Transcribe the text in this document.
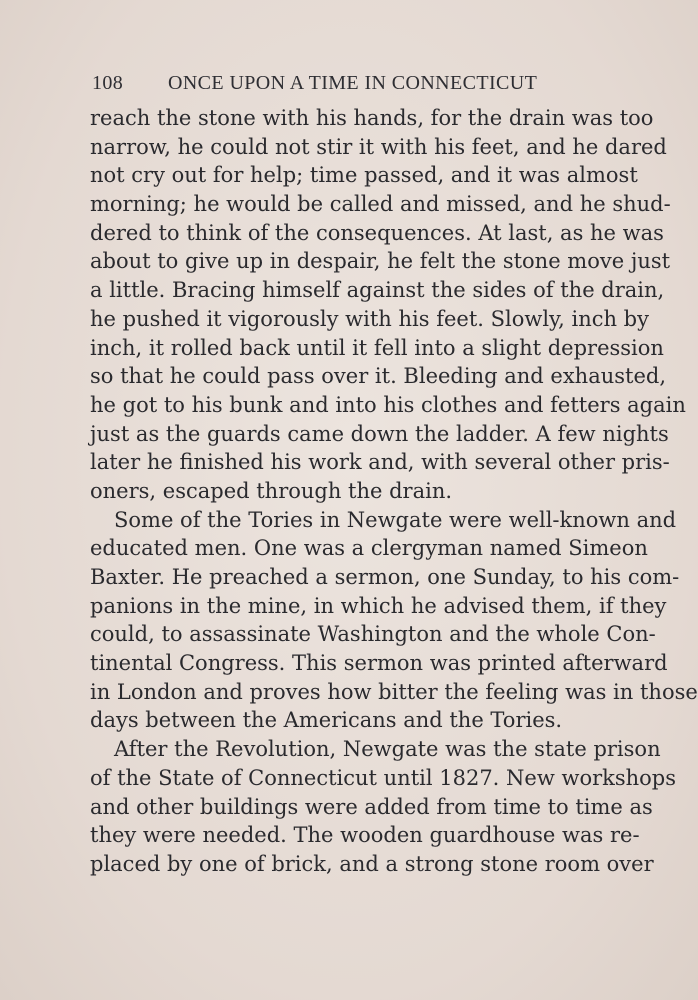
108 ONCE UPON A TIME IN CONNECTICUT
reach the stone with his hands, for the drain was too
narrow, he could not stir it with his feet, and he dared
not cry out for help; time passed, and it was almost
morning; he would be called and missed, and he shud-
dered to think of the consequences. At last, as he was
about to give up in despair, he felt the stone move just
a little. Bracing himself against the sides of the drain,
he pushed it vigorously with his feet. Slowly, inch by
inch, it rolled back until it fell into a slight depression
so that he could pass over it. Bleeding and exhausted,
he got to his bunk and into his clothes and fetters again
just as the guards came down the ladder. A few nights
later he finished his work and, with several other pris-
oners, escaped through the drain.
Some of the Tories in Newgate were well-known and
educated men. One was a clergyman named Simeon
Baxter. He preached a sermon, one Sunday, to his com-
panions in the mine, in which he advised them, if they
could, to assassinate Washington and the whole Con-
tinental Congress. This sermon was printed afterward
in London and proves how bitter the feeling was in those
days between the Americans and the Tories.
After the Revolution, Newgate was the state prison
of the State of Connecticut until 1827. New workshops
and other buildings were added from time to time as
they were needed. The wooden guardhouse was re-
placed by one of brick, and a strong stone room over
